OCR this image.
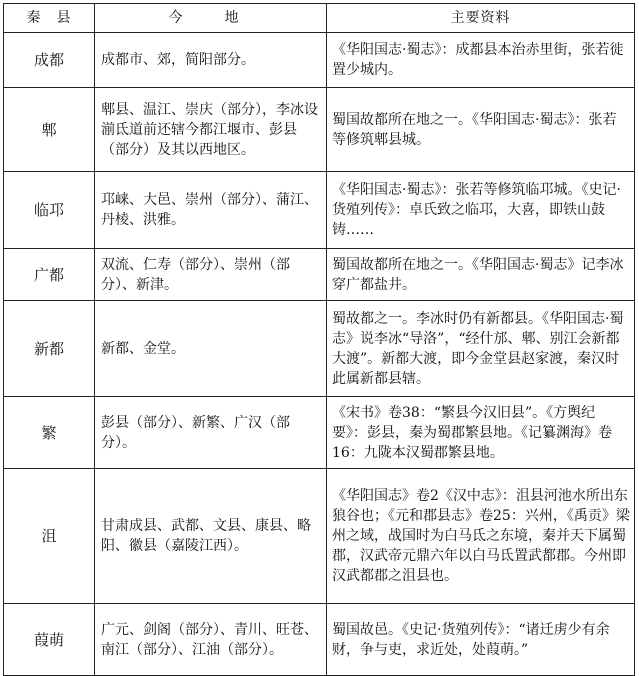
秦　县	今　地	主要资料
成都	成都市、郊，简阳部分。	《华阳国志·蜀志》：成都县本治赤里街，张若徙置少城内。
郫	郫县、温江、崇庆（部分），李冰设湔氐道前还辖今都江堰市、彭县（部分）及其以西地区。	蜀国故都所在地之一。《华阳国志·蜀志》：张若等修筑郫县城。
临邛	邛崃、大邑、崇州（部分）、蒲江、丹棱、洪雅。	《华阳国志·蜀志》：张若等修筑临邛城。《史记·货殖列传》：卓氏致之临邛，大喜，即铁山鼓铸……
广都	双流、仁寿（部分）、崇州（部分）、新津。	蜀国故都所在地之一。《华阳国志·蜀志》记李冰穿广都盐井。
新都	新都、金堂。	蜀故都之一。李冰时仍有新都县。《华阳国志·蜀志》说李冰“导洛”，“经什邡、郫、别江会新都大渡”。新都大渡，即今金堂县赵家渡，秦汉时此属新都县辖。
繁	彭县（部分）、新繁、广汉（部分）。	《宋书》卷38：“繁县今汉旧县”。《方舆纪要》：彭县，秦为蜀郡繁县地。《记纂渊海》卷16：九陇本汉蜀郡繁县地。
沮	甘肃成县、武都、文县、康县、略阳、徽县（嘉陵江西）。	《华阳国志》卷2《汉中志》：沮县河池水所出东狼谷也；《元和郡县志》卷25：兴州，《禹贡》梁州之域，战国时为白马氐之东境，秦并天下属蜀郡，汉武帝元鼎六年以白马氐置武都郡。今州即汉武都郡之沮县也。
葭萌	广元、剑阁（部分）、青川、旺苍、南江（部分）、江油（部分）。	蜀国故邑。《史记·货殖列传》：“诸迁虏少有余财，争与吏，求近处，处葭萌。”
